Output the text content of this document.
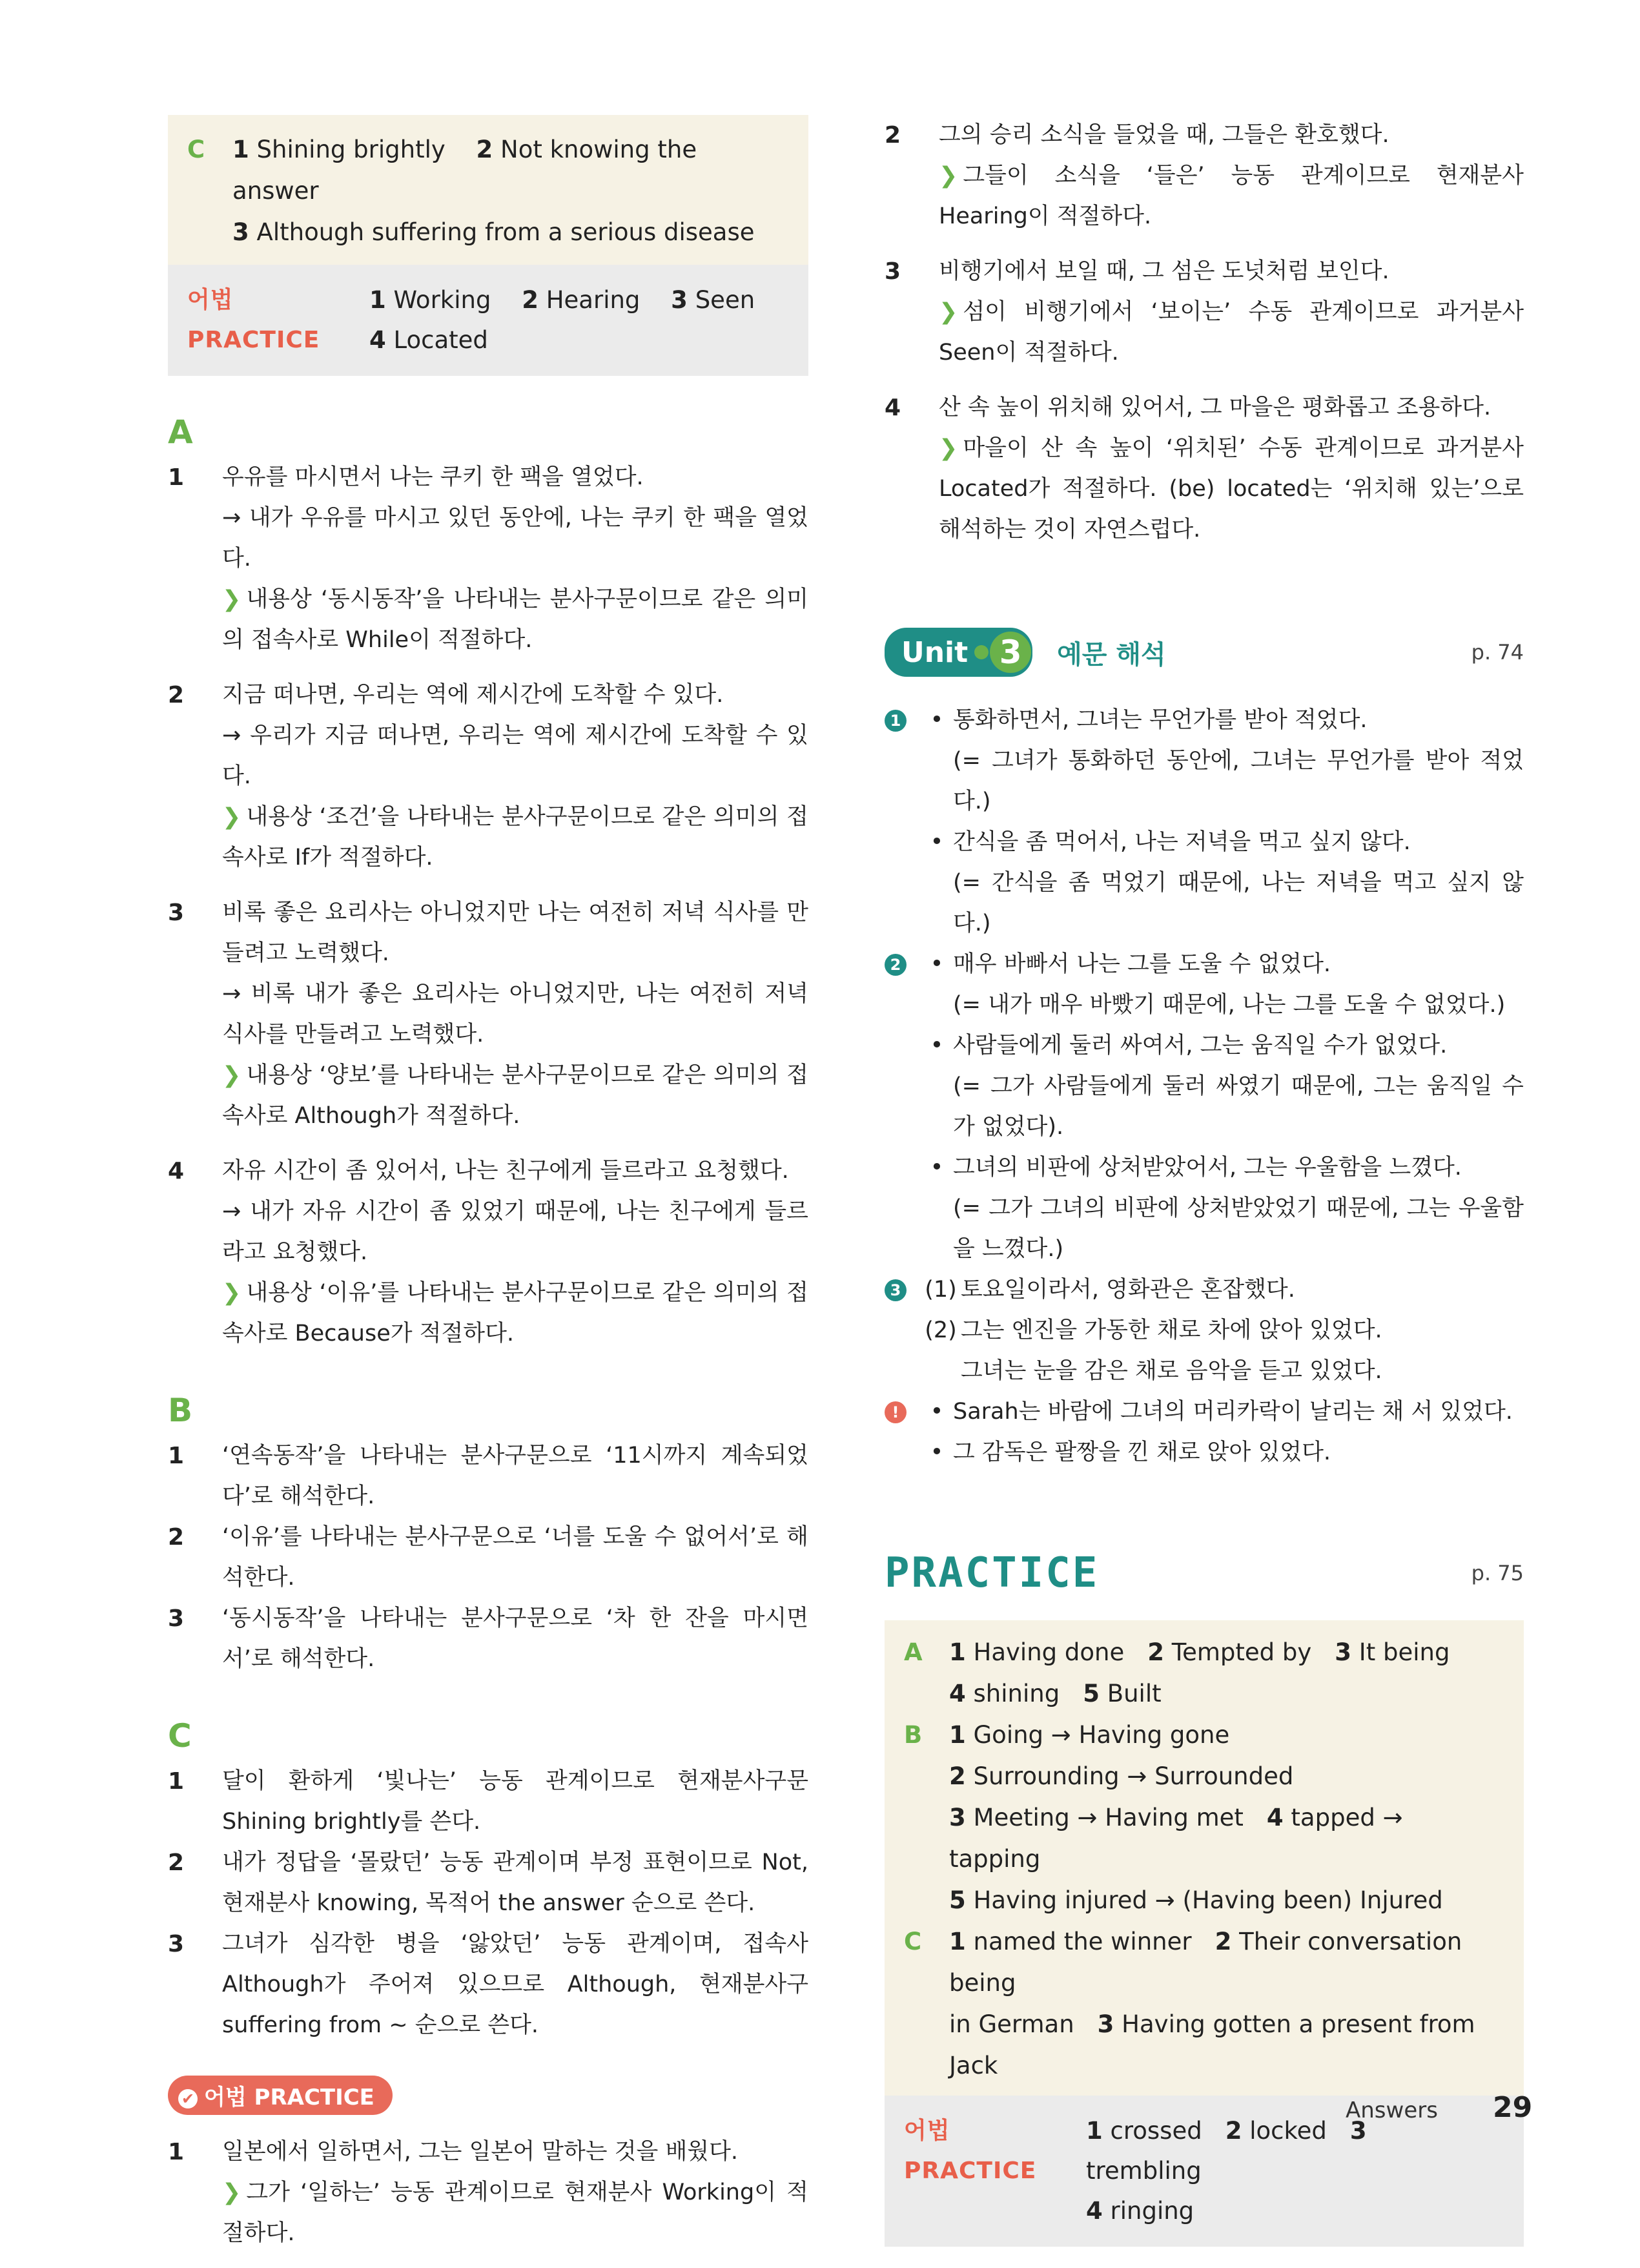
C	1 Shining brightly 2 Not knowing the answer
3 Although suffering from a serious disease
어법 PRACTICE
1 Working 2 Hearing 3 Seen
4 Located
A
1	우유를 마시면서 나는 쿠키 한 팩을 열었다.
→ 내가 우유를 마시고 있던 동안에, 나는 쿠키 한 팩을 열었다.
❯ 내용상 ‘동시동작’을 나타내는 분사구문이므로 같은 의미의 접속사로 While이 적절하다.
2	지금 떠나면, 우리는 역에 제시간에 도착할 수 있다.
→ 우리가 지금 떠나면, 우리는 역에 제시간에 도착할 수 있다.
❯ 내용상 ‘조건’을 나타내는 분사구문이므로 같은 의미의 접속사로 If가 적절하다.
3	비록 좋은 요리사는 아니었지만 나는 여전히 저녁 식사를 만들려고 노력했다.
→ 비록 내가 좋은 요리사는 아니었지만, 나는 여전히 저녁 식사를 만들려고 노력했다.
❯ 내용상 ‘양보’를 나타내는 분사구문이므로 같은 의미의 접속사로 Although가 적절하다.
4	자유 시간이 좀 있어서, 나는 친구에게 들르라고 요청했다.
→ 내가 자유 시간이 좀 있었기 때문에, 나는 친구에게 들르라고 요청했다.
❯ 내용상 ‘이유’를 나타내는 분사구문이므로 같은 의미의 접속사로 Because가 적절하다.
B
1	‘연속동작’을 나타내는 분사구문으로 ‘11시까지 계속되었다’로 해석한다.
2	‘이유’를 나타내는 분사구문으로 ‘너를 도울 수 없어서’로 해석한다.
3	‘동시동작’을 나타내는 분사구문으로 ‘차 한 잔을 마시면서’로 해석한다.
C
1	달이 환하게 ‘빛나는’ 능동 관계이므로 현재분사구문 Shining brightly를 쓴다.
2	내가 정답을 ‘몰랐던’ 능동 관계이며 부정 표현이므로 Not, 현재분사 knowing, 목적어 the answer 순으로 쓴다.
3	그녀가 심각한 병을 ‘앓았던’ 능동 관계이며, 접속사 Although가 주어져 있으므로 Although, 현재분사구 suffering from ~ 순으로 쓴다.
✔ 어법 PRACTICE
1	일본에서 일하면서, 그는 일본어 말하는 것을 배웠다.
❯ 그가 ‘일하는’ 능동 관계이므로 현재분사 Working이 적절하다.
2	그의 승리 소식을 들었을 때, 그들은 환호했다.
❯ 그들이 소식을 ‘들은’ 능동 관계이므로 현재분사 Hearing이 적절하다.
3	비행기에서 보일 때, 그 섬은 도넛처럼 보인다.
❯ 섬이 비행기에서 ‘보이는’ 수동 관계이므로 과거분사 Seen이 적절하다.
4	산 속 높이 위치해 있어서, 그 마을은 평화롭고 조용하다.
❯ 마을이 산 속 높이 ‘위치된’ 수동 관계이므로 과거분사 Located가 적절하다. (be) located는 ‘위치해 있는’으로 해석하는 것이 자연스럽다.
Unit 3	예문 해석	p. 74
1	• 통화하면서, 그녀는 무언가를 받아 적었다.
(= 그녀가 통화하던 동안에, 그녀는 무언가를 받아 적었다.)
• 간식을 좀 먹어서, 나는 저녁을 먹고 싶지 않다.
(= 간식을 좀 먹었기 때문에, 나는 저녁을 먹고 싶지 않다.)
2	• 매우 바빠서 나는 그를 도울 수 없었다.
(= 내가 매우 바빴기 때문에, 나는 그를 도울 수 없었다.)
• 사람들에게 둘러 싸여서, 그는 움직일 수가 없었다.
(= 그가 사람들에게 둘러 싸였기 때문에, 그는 움직일 수가 없었다).
• 그녀의 비판에 상처받았어서, 그는 우울함을 느꼈다.
(= 그가 그녀의 비판에 상처받았었기 때문에, 그는 우울함을 느꼈다.)
3	(1) 토요일이라서, 영화관은 혼잡했다.
(2) 그는 엔진을 가동한 채로 차에 앉아 있었다.
그녀는 눈을 감은 채로 음악을 듣고 있었다.
!	• Sarah는 바람에 그녀의 머리카락이 날리는 채 서 있었다.
• 그 감독은 팔짱을 낀 채로 앉아 있었다.
PRACTICE	p. 75
A	1 Having done 2 Tempted by 3 It being
4 shining 5 Built
B	1 Going → Having gone
2 Surrounding → Surrounded
3 Meeting → Having met 4 tapped → tapping
5 Having injured → (Having been) Injured
C	1 named the winner 2 Their conversation being
in German 3 Having gotten a present from Jack
어법 PRACTICE
1 crossed 2 locked 3 trembling
4 ringing
Answers 29
